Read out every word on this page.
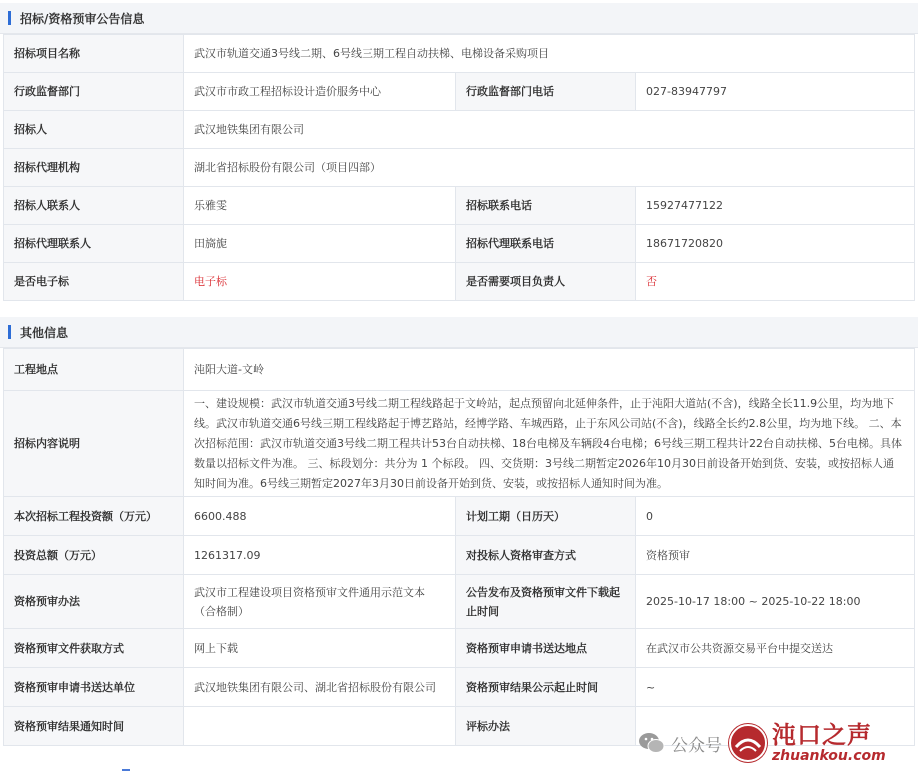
招标/资格预审公告信息
招标项目名称	武汉市轨道交通3号线二期、6号线三期工程自动扶梯、电梯设备采购项目		
行政监督部门	武汉市市政工程招标设计造价服务中心	行政监督部门电话	027-83947797
招标人	武汉地铁集团有限公司		
招标代理机构	湖北省招标股份有限公司（项目四部）		
招标人联系人	乐雅雯	招标联系电话	15927477122
招标代理联系人	田旖旎	招标代理联系电话	18671720820
是否电子标	电子标	是否需要项目负责人	否
其他信息
工程地点	沌阳大道-文岭		
招标内容说明	一、建设规模：武汉市轨道交通3号线二期工程线路起于文岭站，起点预留向北延伸条件，止于沌阳大道站(不含)，线路全长11.9公里，均为地下线。武汉市轨道交通6号线三期工程线路起于博艺路站，经博学路、车城西路，止于东风公司站(不含)，线路全长约2.8公里，均为地下线。 二、本次招标范围：武汉市轨道交通3号线二期工程共计53台自动扶梯、18台电梯及车辆段4台电梯；6号线三期工程共计22台自动扶梯、5台电梯。具体数量以招标文件为准。 三、标段划分：共分为 1 个标段。 四、交货期：3号线二期暂定2026年10月30日前设备开始到货、安装，或按招标人通知时间为准。6号线三期暂定2027年3月30日前设备开始到货、安装，或按招标人通知时间为准。		
本次招标工程投资额（万元）	6600.488	计划工期（日历天）	0
投资总额（万元）	1261317.09	对投标人资格审查方式	资格预审
资格预审办法	武汉市工程建设项目资格预审文件通用示范文本（合格制）	公告发布及资格预审文件下载起止时间	2025-10-17 18:00 ~ 2025-10-22 18:00
资格预审文件获取方式	网上下载	资格预审申请书送达地点	在武汉市公共资源交易平台中提交送达
资格预审申请书送达单位	武汉地铁集团有限公司、湖北省招标股份有限公司	资格预审结果公示起止时间	~
资格预审结果通知时间		评标办法	
公众号 沌口之声
zhuankou.com
